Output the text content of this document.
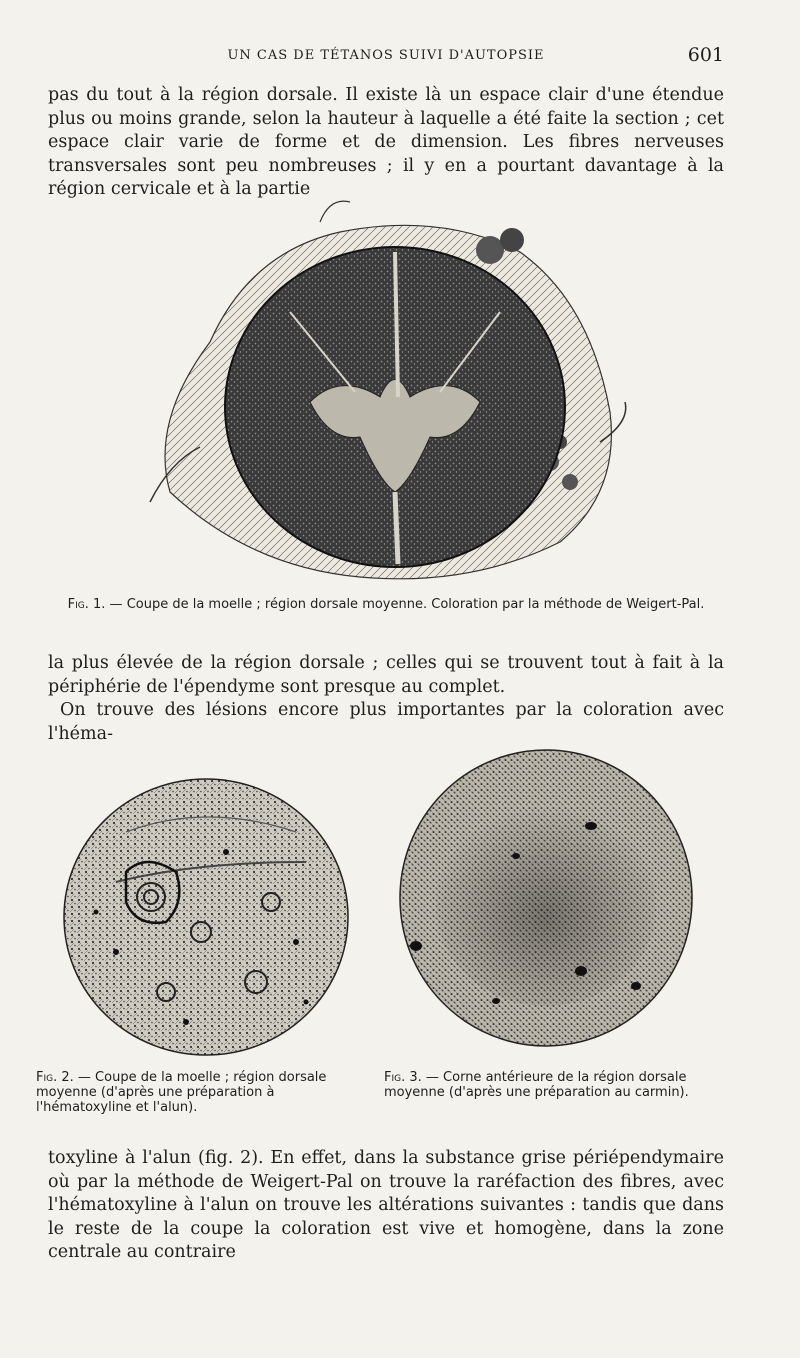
UN CAS DE TÉTANOS SUIVI D'AUTOPSIE	601

pas du tout à la région dorsale. Il existe là un espace clair d'une étendue plus ou moins grande, selon la hauteur à laquelle a été faite la section ; cet espace clair varie de forme et de dimension. Les fibres nerveuses transversales sont peu nombreuses ; il y en a pourtant davantage à la région cervicale et à la partie

Fig. 1. — Coupe de la moelle ; région dorsale moyenne. Coloration par la méthode de Weigert-Pal.

la plus élevée de la région dorsale ; celles qui se trouvent tout à fait à la périphérie de l'épendyme sont presque au complet.

On trouve des lésions encore plus importantes par la coloration avec l'héma-

Fig. 2. — Coupe de la moelle ; région dorsale moyenne (d'après une préparation à l'hématoxyline et l'alun).
Fig. 3. — Corne antérieure de la région dorsale moyenne (d'après une préparation au carmin).

toxyline à l'alun (fig. 2). En effet, dans la substance grise périépendymaire où par la méthode de Weigert-Pal on trouve la raréfaction des fibres, avec l'hématoxyline à l'alun on trouve les altérations suivantes : tandis que dans le reste de la coupe la coloration est vive et homogène, dans la zone centrale au contraire
